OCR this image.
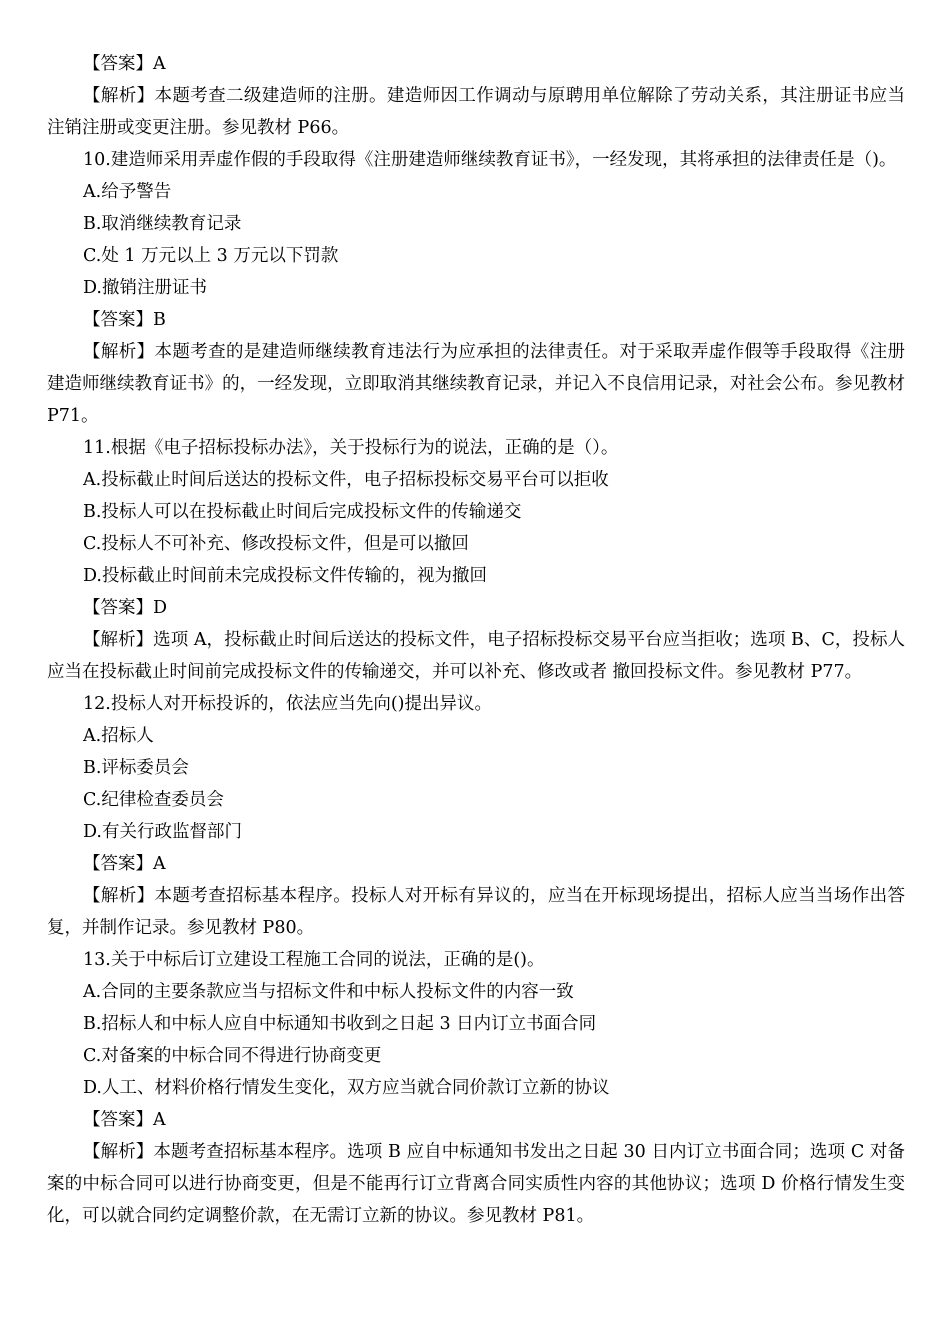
【答案】A

【解析】本题考查二级建造师的注册。建造师因工作调动与原聘用单位解除了劳动关系，其注册证书应当注销注册或变更注册。参见教材 P66。

10.建造师采用弄虚作假的手段取得《注册建造师继续教育证书》，一经发现，其将承担的法律责任是（)。

A.给予警告

B.取消继续教育记录

C.处 1 万元以上 3 万元以下罚款

D.撤销注册证书

【答案】B

【解析】本题考查的是建造师继续教育违法行为应承担的法律责任。对于采取弄虚作假等手段取得《注册建造师继续教育证书》的，一经发现，立即取消其继续教育记录，并记入不良信用记录，对社会公布。参见教材 P71。

11.根据《电子招标投标办法》，关于投标行为的说法，正确的是（）。

A.投标截止时间后送达的投标文件，电子招标投标交易平台可以拒收

B.投标人可以在投标截止时间后完成投标文件的传输递交

C.投标人不可补充、修改投标文件，但是可以撤回

D.投标截止时间前未完成投标文件传输的，视为撤回

【答案】D

【解析】选项 A，投标截止时间后送达的投标文件，电子招标投标交易平台应当拒收；选项 B、C，投标人应当在投标截止时间前完成投标文件的传输递交，并可以补充、修改或者 撤回投标文件。参见教材 P77。

12.投标人对开标投诉的，依法应当先向()提出异议。

A.招标人

B.评标委员会

C.纪律检查委员会

D.有关行政监督部门

【答案】A

【解析】本题考查招标基本程序。投标人对开标有异议的，应当在开标现场提出，招标人应当当场作出答复，并制作记录。参见教材 P80。

13.关于中标后订立建设工程施工合同的说法，正确的是()。

A.合同的主要条款应当与招标文件和中标人投标文件的内容一致

B.招标人和中标人应自中标通知书收到之日起 3 日内订立书面合同

C.对备案的中标合同不得进行协商变更

D.人工、材料价格行情发生变化，双方应当就合同价款订立新的协议

【答案】A

【解析】本题考查招标基本程序。选项 B 应自中标通知书发出之日起 30 日内订立书面合同；选项 C 对备案的中标合同可以进行协商变更，但是不能再行订立背离合同实质性内容的其他协议；选项 D 价格行情发生变化，可以就合同约定调整价款，在无需订立新的协议。参见教材 P81。
